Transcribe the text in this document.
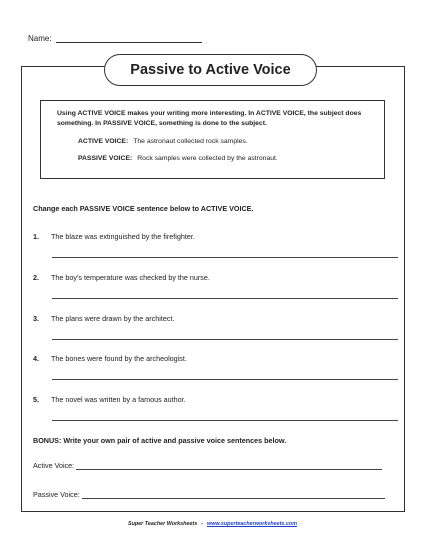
Name:
Passive to Active Voice
Using ACTIVE VOICE makes your writing more interesting. In ACTIVE VOICE, the subject does something. In PASSIVE VOICE, something is done to the subject.
ACTIVE VOICE: The astronaut collected rock samples.
PASSIVE VOICE: Rock samples were collected by the astronaut.
Change each PASSIVE VOICE sentence below to ACTIVE VOICE.
1.	The blaze was extinguished by the firefighter.
2.	The boy’s temperature was checked by the nurse.
3.	The plans were drawn by the architect.
4.	The bones were found by the archeologist.
5.	The novel was written by a famous author.
BONUS: Write your own pair of active and passive voice sentences below.
Active Voice:
Passive Voice:
Super Teacher Worksheets - www.superteacherworksheets.com
